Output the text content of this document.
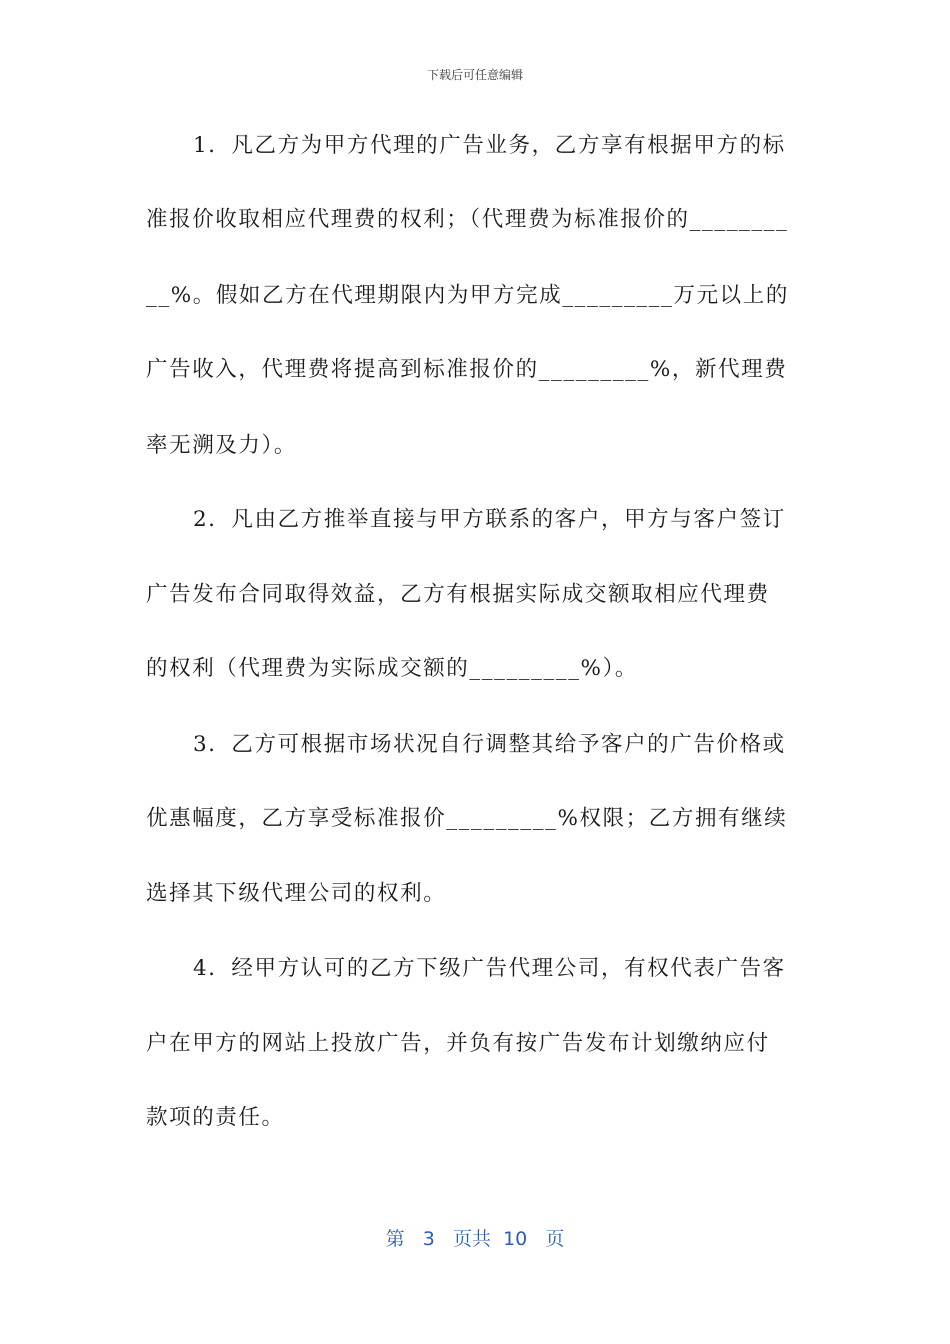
下载后可任意编辑
1．凡乙方为甲方代理的广告业务，乙方享有根据甲方的标
准报价收取相应代理费的权利；（代理费为标准报价的________
__%。假如乙方在代理期限内为甲方完成_________万元以上的
广告收入，代理费将提高到标准报价的_________%，新代理费
率无溯及力）。
2．凡由乙方推举直接与甲方联系的客户，甲方与客户签订
广告发布合同取得效益，乙方有根据实际成交额取相应代理费
的权利（代理费为实际成交额的_________%）。
3．乙方可根据市场状况自行调整其给予客户的广告价格或
优惠幅度，乙方享受标准报价_________%权限；乙方拥有继续
选择其下级代理公司的权利。
4．经甲方认可的乙方下级广告代理公司，有权代表广告客
户在甲方的网站上投放广告，并负有按广告发布计划缴纳应付
款项的责任。
第 3 页共 10 页
